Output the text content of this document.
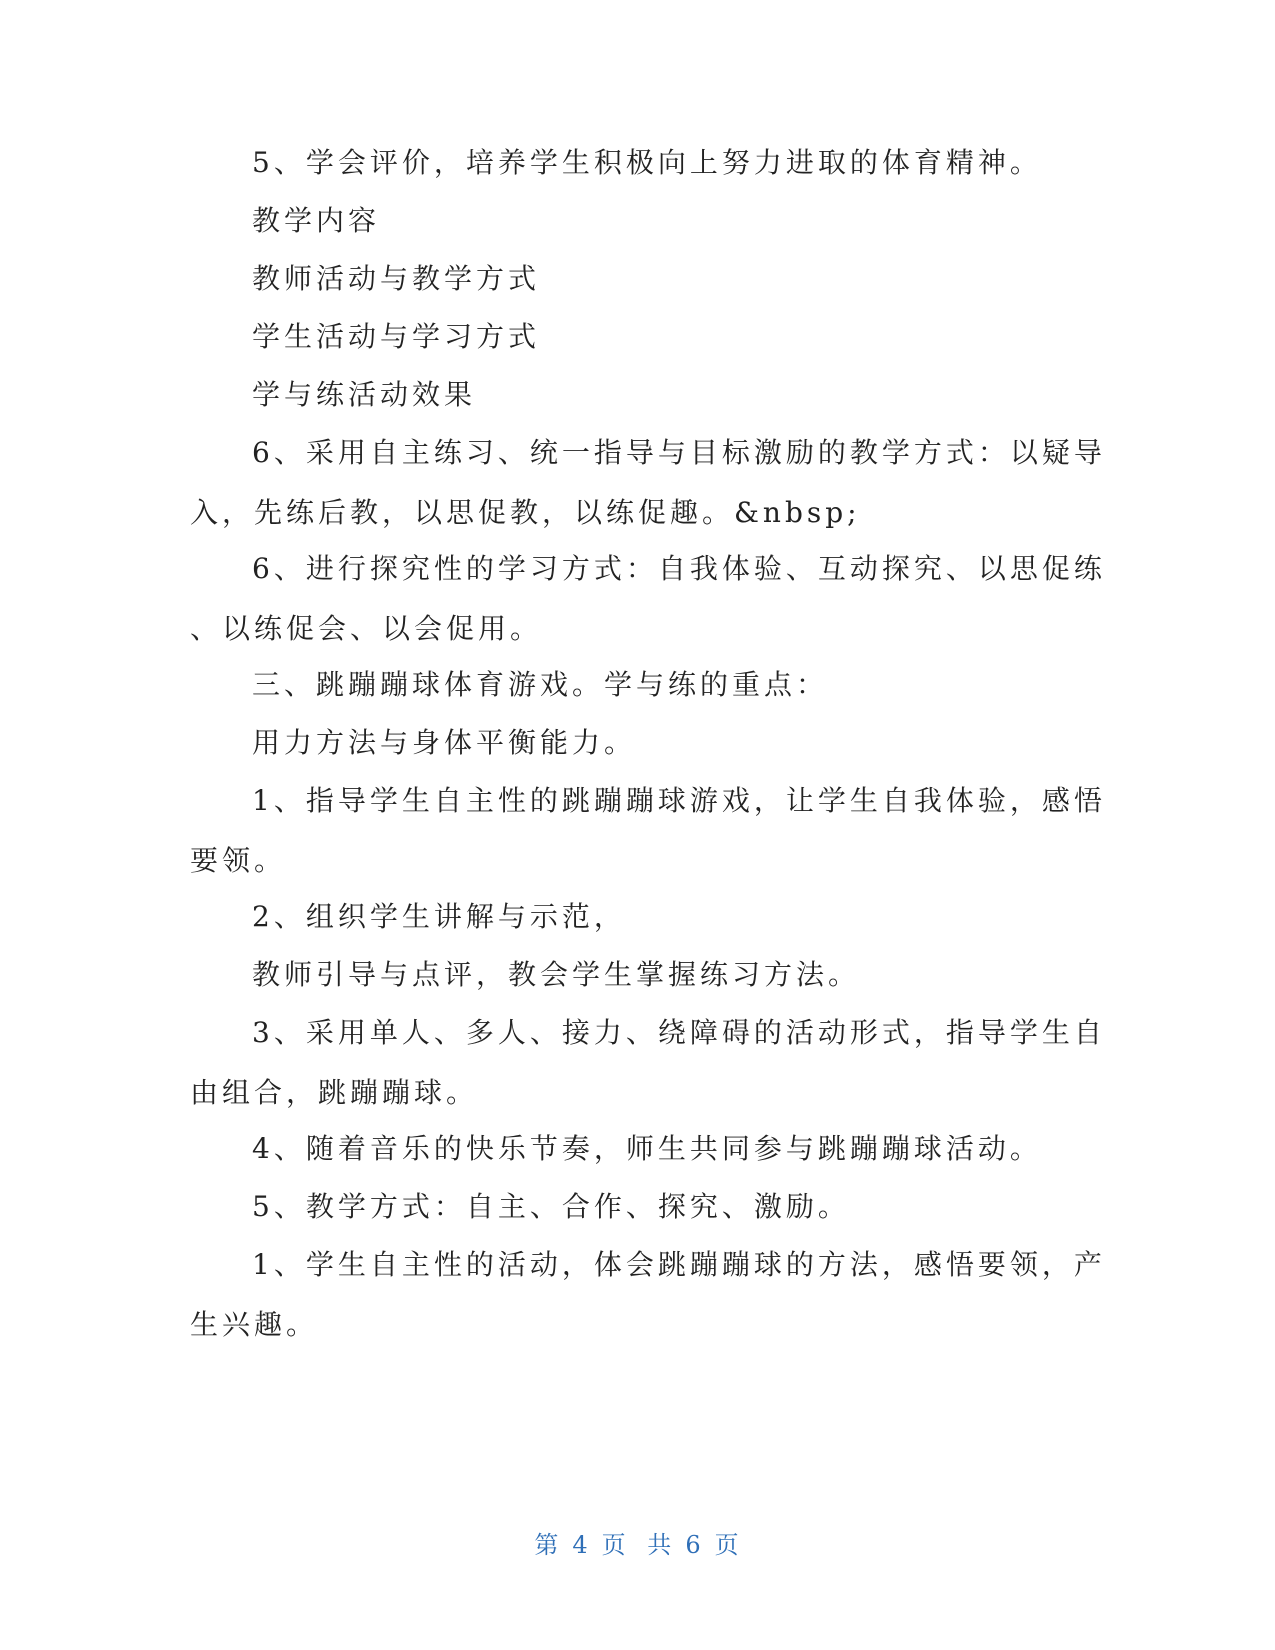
5、学会评价，培养学生积极向上努力进取的体育精神。

教学内容

教师活动与教学方式

学生活动与学习方式

学与练活动效果

6、采用自主练习、统一指导与目标激励的教学方式：以疑导
入，先练后教，以思促教，以练促趣。&nbsp;

6、进行探究性的学习方式：自我体验、互动探究、以思促练
、以练促会、以会促用。

三、跳蹦蹦球体育游戏。学与练的重点：

用力方法与身体平衡能力。

1、指导学生自主性的跳蹦蹦球游戏，让学生自我体验，感悟
要领。

2、组织学生讲解与示范，

教师引导与点评，教会学生掌握练习方法。

3、采用单人、多人、接力、绕障碍的活动形式，指导学生自
由组合，跳蹦蹦球。

4、随着音乐的快乐节奏，师生共同参与跳蹦蹦球活动。

5、教学方式：自主、合作、探究、激励。

1、学生自主性的活动，体会跳蹦蹦球的方法，感悟要领，产
生兴趣。

第 4 页 共 6 页
